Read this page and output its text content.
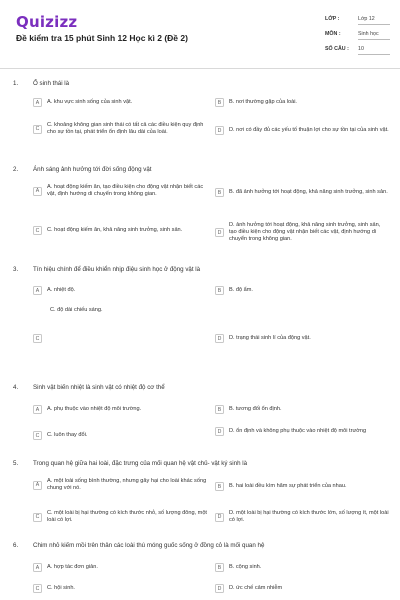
Quizizz
Đề kiểm tra 15 phút Sinh 12 Học kì 2 (Đề 2)
LỚP :	Lớp 12
MÔN :	Sinh học
SỐ CÂU : 10
1. Ổ sinh thái là
A	A. khu vực sinh sống của sinh vật.	B	B. nơi thường gặp của loài.
C
C. khoảng không gian sinh thái có tất cả các điều kiện quy định cho sự tồn tại, phát triển ổn định lâu dài của loài.	D	D. nơi có đầy đủ các yếu tố thuận lợi cho sự tồn tại của sinh vật.
2. Ánh sáng ảnh hưởng tới đời sống động vật
A
A. hoạt động kiếm ăn, tạo điều kiện cho động vật nhận biết các vật, định hướng di chuyển trong không gian.	B	B. đã ảnh hưởng tới hoạt động, khả năng sinh trưởng, sinh sản.
C	C. hoạt động kiếm ăn, khả năng sinh trưởng, sinh sản.	D
D. ảnh hưởng tới hoạt động, khả năng sinh trưởng, sinh sản, tạo điều kiện cho động vật nhận biết các vật, định hướng di chuyển trong không gian.
3. Tín hiệu chính để điều khiển nhịp điệu sinh học ở động vật là
A	A. nhiệt độ.	B	B. độ ẩm.
C. độ dài chiếu sáng.
C	D	D. trạng thái sinh lí của động vật.
4. Sinh vật biến nhiệt là sinh vật có nhiệt độ cơ thể
A	A. phụ thuộc vào nhiệt độ môi trường.	B	B. tương đối ổn định.
C	C. luôn thay đổi.
D	D. ổn định và không phụ thuộc vào nhiệt độ môi trường
5. Trong quan hệ giữa hai loài, đặc trưng của mối quan hệ vật chủ- vật ký sinh là
A
A. một loài sống bình thường, nhưng gây hại cho loài khác sống chung với nó.	B	B. hai loài đều kìm hãm sự phát triển của nhau.
C
C. một loài bị hại thường có kích thước nhỏ, số lượng đông, một loài có lợi.	D
D. một loài bị hại thường có kích thước lớn, số lượng ít, một loài có lợi.
6. Chim nhỏ kiếm mồi trên thân các loài thú móng guốc sống ở đồng cỏ là mối quan hệ
A	A. hợp tác đơn giản.	B	B. cộng sinh.
C	C. hội sinh.	D	D. ức chế cảm nhiễm
